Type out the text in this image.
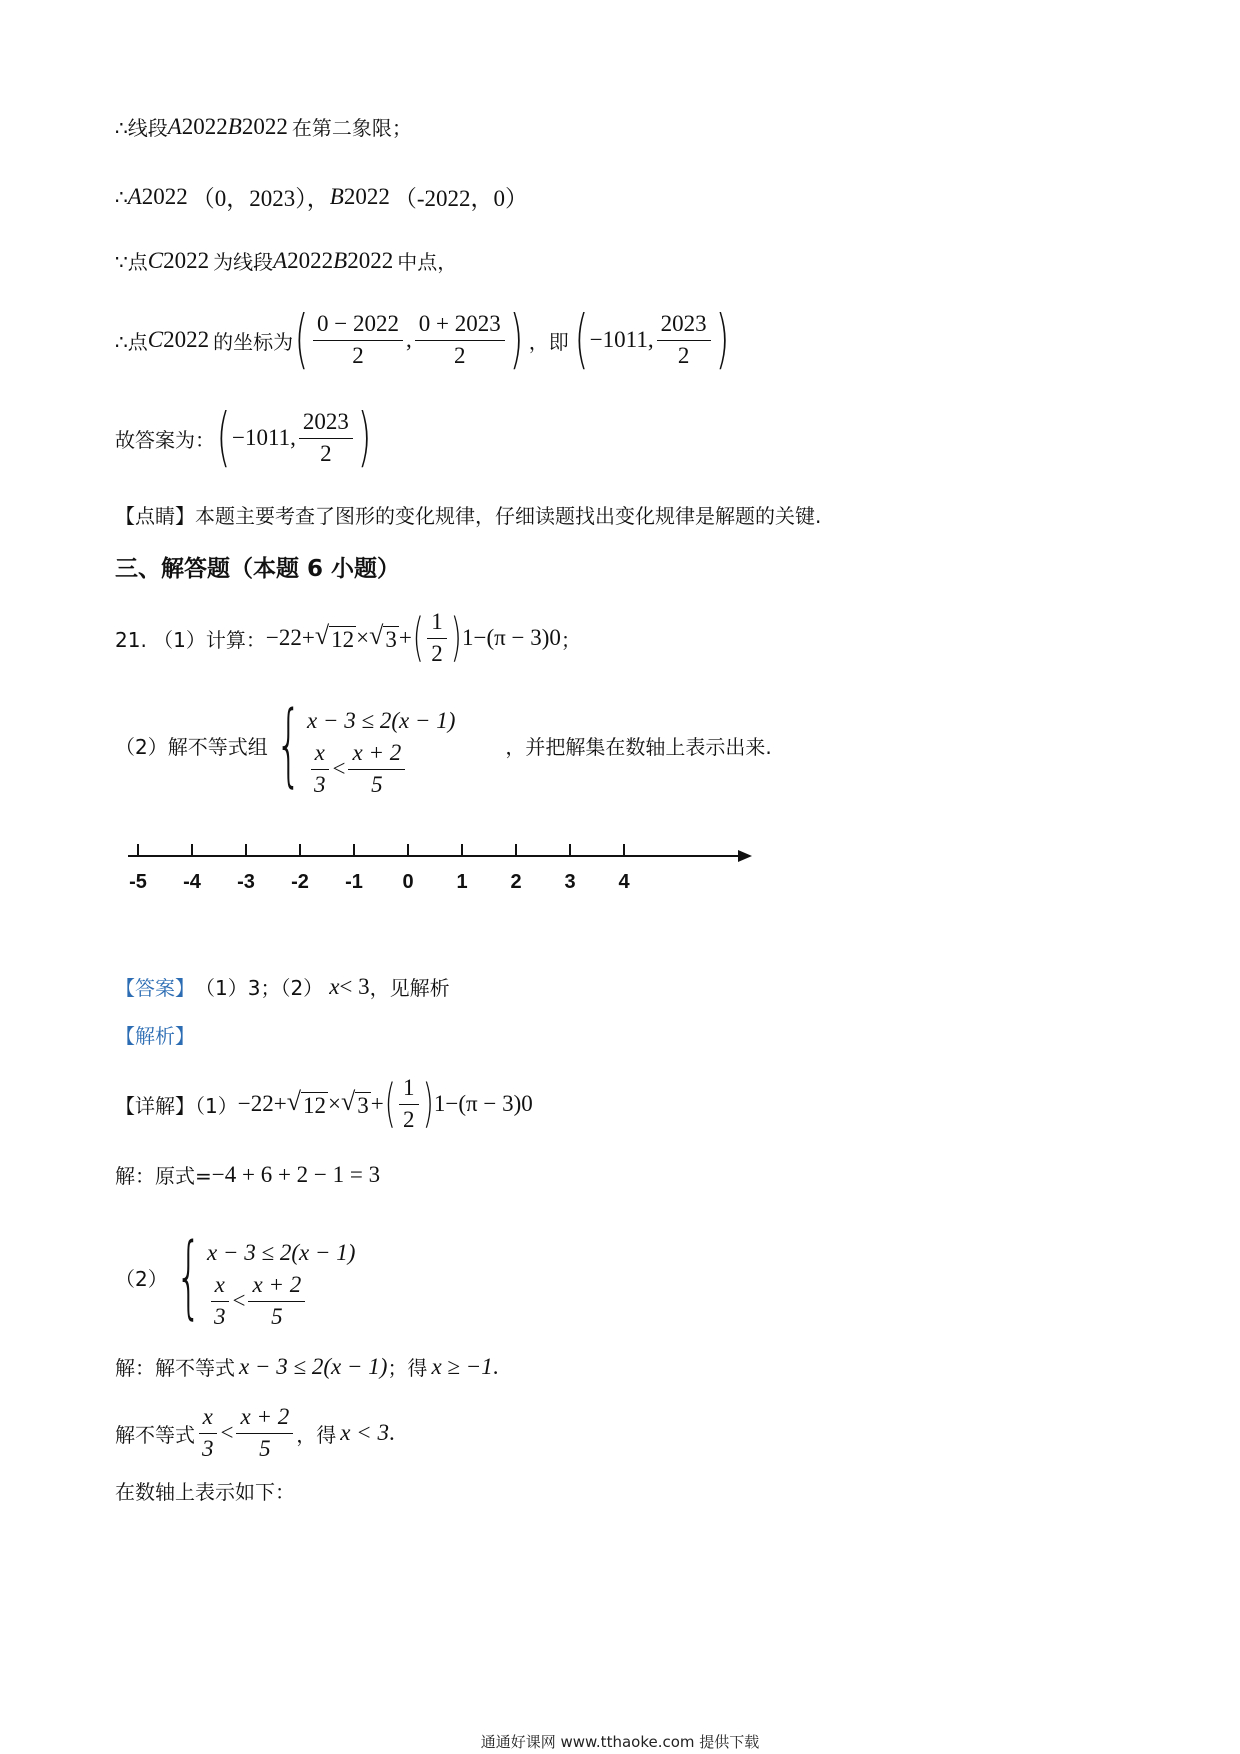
∴线段 A 2022 B 2022 在第二象限；
∴ A 2022 （0，2023）， B 2022 （-2022，0）
∵点 C 2022 为线段 A 2022 B 2022 中点，
∴点 C 2022 的坐标为 ( $\frac{0 - 2022}{2}$ , $\frac{0 + 2023}{2}$ ) ，即 ( −1011, $\frac{2023}{2}$ )
故答案为： ( −1011, $\frac{2023}{2}$ )
【点睛】本题主要考查了图形的变化规律，仔细读题找出变化规律是解题的关键.
三、解答题（本题 6 小题）
21. （1）计算： −2 2 + √ 12 × √ 3 + ( $\frac{1}{2}$ ) 1 − (π − 3) 0 ；
（2）解不等式组 { x − 3 ≤ 2(x − 1)
$\frac{x}{3} < \frac{x + 2}{5}$	，并把解集在数轴上表示出来.
-5 -4 -3 -2 -1 0 1 2 3 4
【答案】 （1）3；（2） x < 3 ，见解析
【解析】
【详解】（1） −2 2 + √ 12 × √ 3 + ( $\frac{1}{2}$ ) 1 − (π − 3) 0
解：原式= −4 + 6 + 2 − 1 = 3
（2） { x − 3 ≤ 2(x − 1)
$\frac{x}{3} < \frac{x + 2}{5}$
解：解不等式 x − 3 ≤ 2 (x − 1) ；得 x ≥ −1 .
解不等式 $\frac{x}{3} < \frac{x + 2}{5}$ ，得 x < 3 .
在数轴上表示如下：
通通好课网 www.tthaoke.com 提供下载
